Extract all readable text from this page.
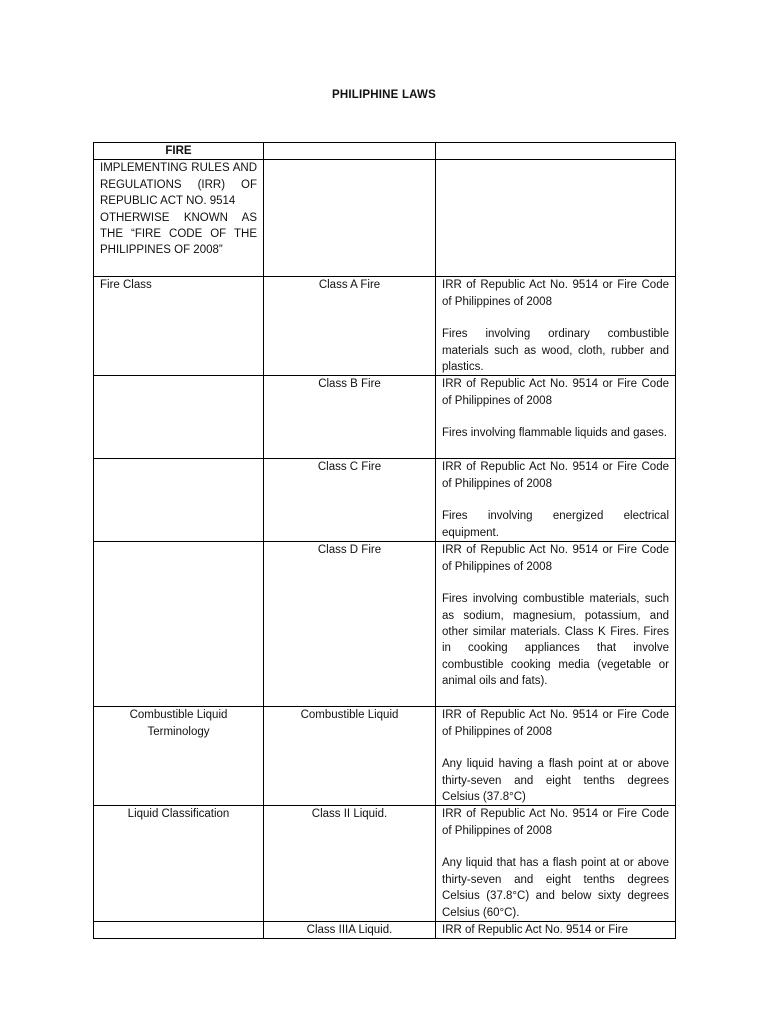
PHILIPHINE LAWS
FIRE		

IMPLEMENTING RULES AND REGULATIONS (IRR) OF REPUBLIC ACT NO. 9514
OTHERWISE KNOWN AS THE “FIRE CODE OF THE PHILIPPINES OF 2008”		

Fire Class	Class A Fire	IRR of Republic Act No. 9514 or Fire Code of Philippines of 2008
Fires involving ordinary combustible materials such as wood, cloth, rubber and plastics.

	Class B Fire	IRR of Republic Act No. 9514 or Fire Code of Philippines of 2008
Fires involving flammable liquids and gases.

	Class C Fire	IRR of Republic Act No. 9514 or Fire Code of Philippines of 2008
Fires involving energized electrical equipment.

	Class D Fire	IRR of Republic Act No. 9514 or Fire Code of Philippines of 2008
Fires involving combustible materials, such as sodium, magnesium, potassium, and other similar materials. Class K Fires. Fires in cooking appliances that involve combustible cooking media (vegetable or animal oils and fats).

Combustible Liquid Terminology	Combustible Liquid	IRR of Republic Act No. 9514 or Fire Code of Philippines of 2008
Any liquid having a flash point at or above thirty-seven and eight tenths degrees Celsius (37.8°C)

Liquid Classification	Class II Liquid.	IRR of Republic Act No. 9514 or Fire Code of Philippines of 2008
Any liquid that has a flash point at or above thirty-seven and eight tenths degrees Celsius (37.8°C) and below sixty degrees Celsius (60°C).

	Class IIIA Liquid.	IRR of Republic Act No. 9514 or Fire
